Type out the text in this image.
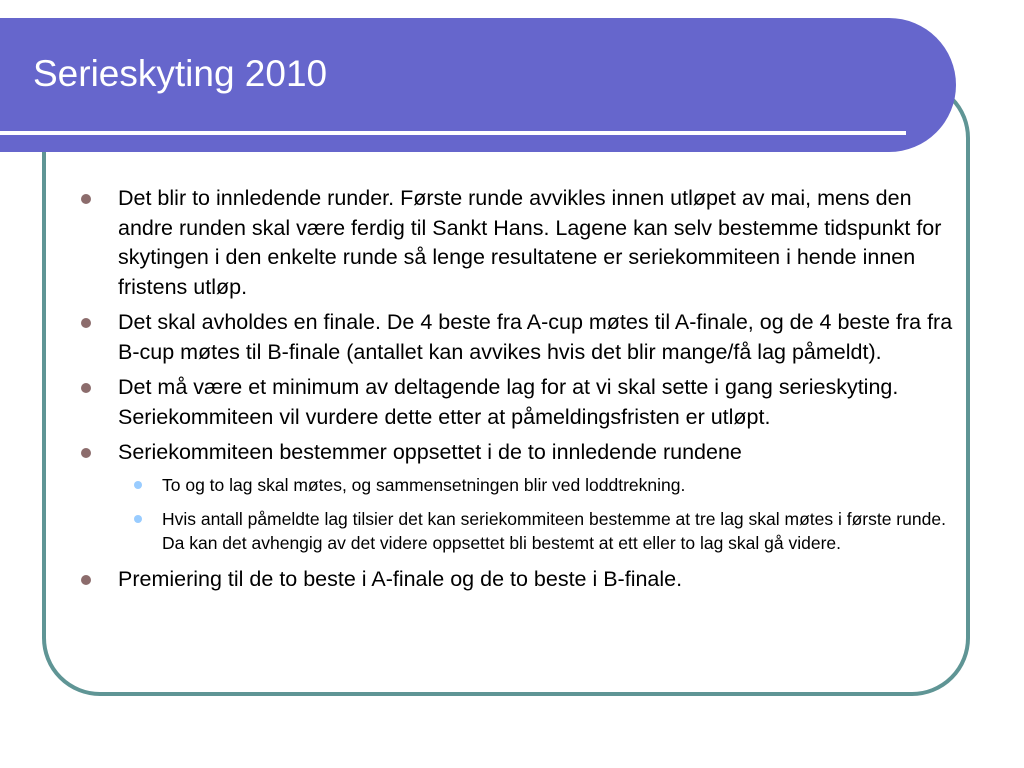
Serieskyting 2010
Det blir to innledende runder. Første runde avvikles innen utløpet av mai, mens den andre runden skal være ferdig til Sankt Hans. Lagene kan selv bestemme tidspunkt for skytingen i den enkelte runde så lenge resultatene er seriekommiteen i hende innen fristens utløp.
Det skal avholdes en finale. De 4 beste fra A-cup møtes til A-finale, og de 4 beste fra fra B-cup møtes til B-finale (antallet kan avvikes hvis det blir mange/få lag påmeldt).
Det må være et minimum av deltagende lag for at vi skal sette i gang serieskyting. Seriekommiteen vil vurdere dette etter at påmeldingsfristen er utløpt.
Seriekommiteen bestemmer oppsettet i de to innledende rundene
To og to lag skal møtes, og sammensetningen blir ved loddtrekning.
Hvis antall påmeldte lag tilsier det kan seriekommiteen bestemme at tre lag skal møtes i første runde. Da kan det avhengig av det videre oppsettet bli bestemt at ett eller to lag skal gå videre.
Premiering til de to beste i A-finale og de to beste i B-finale.
